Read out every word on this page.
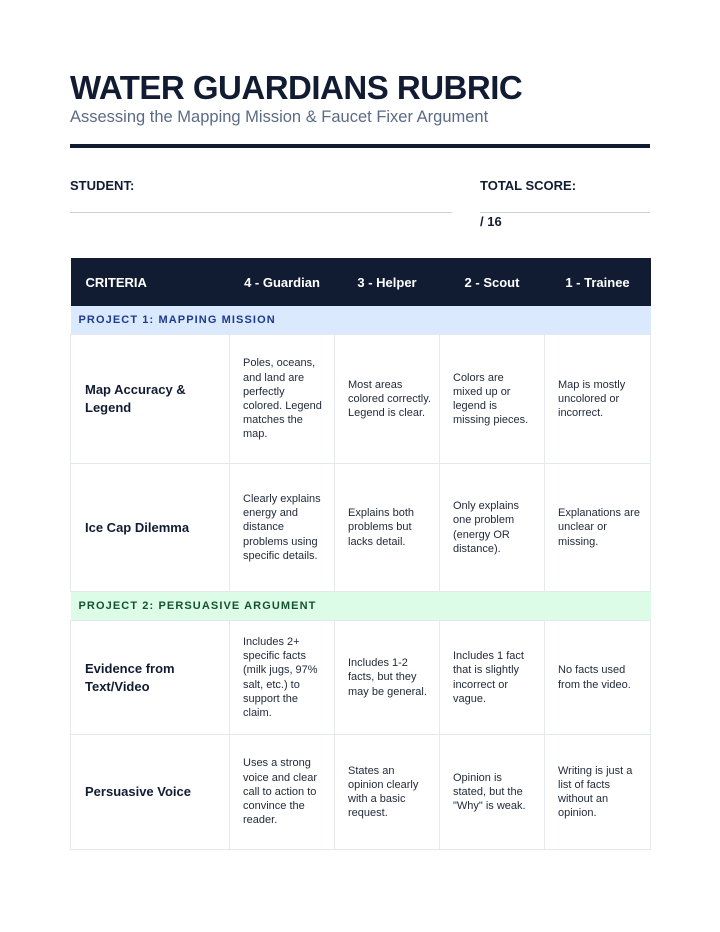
WATER GUARDIANS RUBRIC
Assessing the Mapping Mission & Faucet Fixer Argument
STUDENT:	TOTAL SCORE:
/ 16
CRITERIA	4 - Guardian	3 - Helper	2 - Scout	1 - Trainee
PROJECT 1: MAPPING MISSION				
Map Accuracy & Legend	Poles, oceans, and land are perfectly colored. Legend matches the map.	Most areas colored correctly. Legend is clear.	Colors are mixed up or legend is missing pieces.	Map is mostly uncolored or incorrect.
Ice Cap Dilemma	Clearly explains energy and distance problems using specific details.	Explains both problems but lacks detail.	Only explains one problem (energy OR distance).	Explanations are unclear or missing.
PROJECT 2: PERSUASIVE ARGUMENT				
Evidence from Text/Video	Includes 2+ specific facts (milk jugs, 97% salt, etc.) to support the claim.	Includes 1-2 facts, but they may be general.	Includes 1 fact that is slightly incorrect or vague.	No facts used from the video.
Persuasive Voice	Uses a strong voice and clear call to action to convince the reader.	States an opinion clearly with a basic request.	Opinion is stated, but the "Why" is weak.	Writing is just a list of facts without an opinion.
